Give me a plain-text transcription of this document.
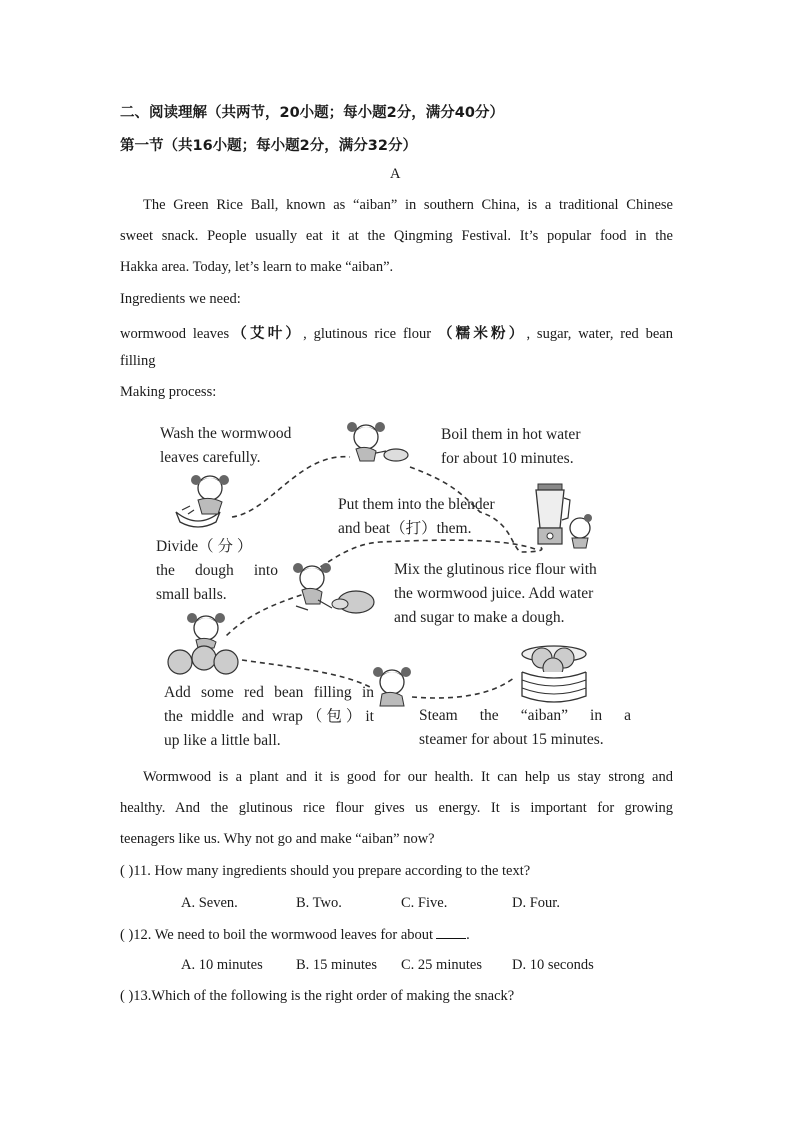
二、阅读理解（共两节，20小题；每小题2分，满分40分）
第一节（共16小题；每小题2分，满分32分）
A
The Green Rice Ball, known as “aiban” in southern China, is a traditional Chinese
sweet snack. People usually eat it at the Qingming Festival. It’s popular food in the
Hakka area. Today, let’s learn to make “aiban”.
Ingredients we need:
wormwood leaves（艾叶）, glutinous rice flour （糯米粉）, sugar, water, red bean
filling
Making process:
Wash the wormwood
leaves carefully.
Boil them in hot water
for about 10 minutes.
Put them into the blender
and beat（打）them.
Divide（ 分 ）
the dough into
small balls.
Mix the glutinous rice flour with
the wormwood juice. Add water
and sugar to make a dough.
Add some red bean filling in
the middle and wrap（包）it
up like a little ball.
Steam the “aiban” in a
steamer for about 15 minutes.
Wormwood is a plant and it is good for our health. It can help us stay strong and
healthy. And the glutinous rice flour gives us energy. It is important for growing
teenagers like us. Why not go and make “aiban” now?
( )11. How many ingredients should you prepare according to the text?
A. Seven.	B. Two.	C. Five.	D. Four.
( )12. We need to boil the wormwood leaves for about .
A. 10 minutes B. 15 minutes C. 25 minutes D. 10 seconds
( )13.Which of the following is the right order of making the snack?
